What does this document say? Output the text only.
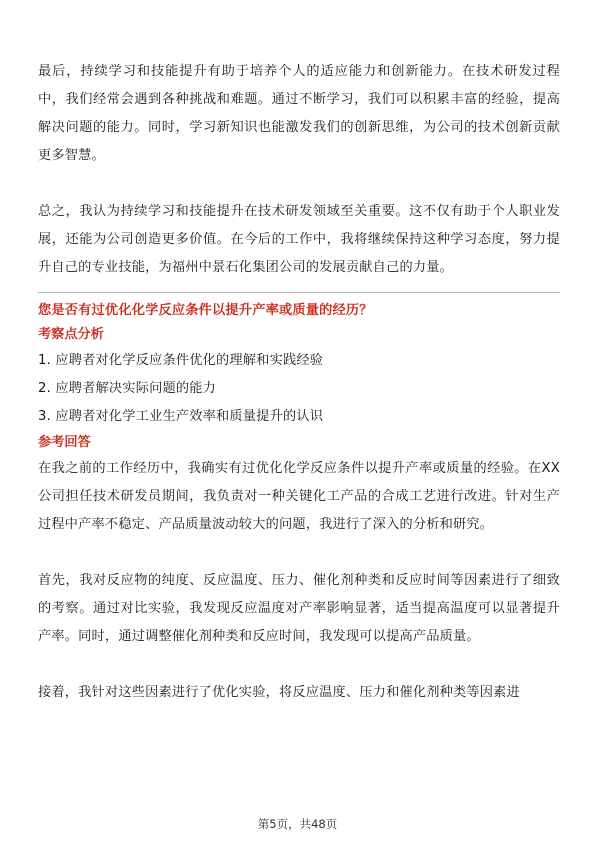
最后，持续学习和技能提升有助于培养个人的适应能力和创新能力。在技术研发过程中，我们经常会遇到各种挑战和难题。通过不断学习，我们可以积累丰富的经验，提高解决问题的能力。同时，学习新知识也能激发我们的创新思维，为公司的技术创新贡献更多智慧。

总之，我认为持续学习和技能提升在技术研发领域至关重要。这不仅有助于个人职业发展，还能为公司创造更多价值。在今后的工作中，我将继续保持这种学习态度，努力提升自己的专业技能，为福州中景石化集团公司的发展贡献自己的力量。

您是否有过优化化学反应条件以提升产率或质量的经历？

考察点分析

1. 应聘者对化学反应条件优化的理解和实践经验

2. 应聘者解决实际问题的能力

3. 应聘者对化学工业生产效率和质量提升的认识

参考回答

在我之前的工作经历中，我确实有过优化化学反应条件以提升产率或质量的经验。在XX公司担任技术研发员期间，我负责对一种关键化工产品的合成工艺进行改进。针对生产过程中产率不稳定、产品质量波动较大的问题，我进行了深入的分析和研究。

首先，我对反应物的纯度、反应温度、压力、催化剂种类和反应时间等因素进行了细致的考察。通过对比实验，我发现反应温度对产率影响显著，适当提高温度可以显著提升产率。同时，通过调整催化剂种类和反应时间，我发现可以提高产品质量。

接着，我针对这些因素进行了优化实验，将反应温度、压力和催化剂种类等因素进

第5页，共48页
